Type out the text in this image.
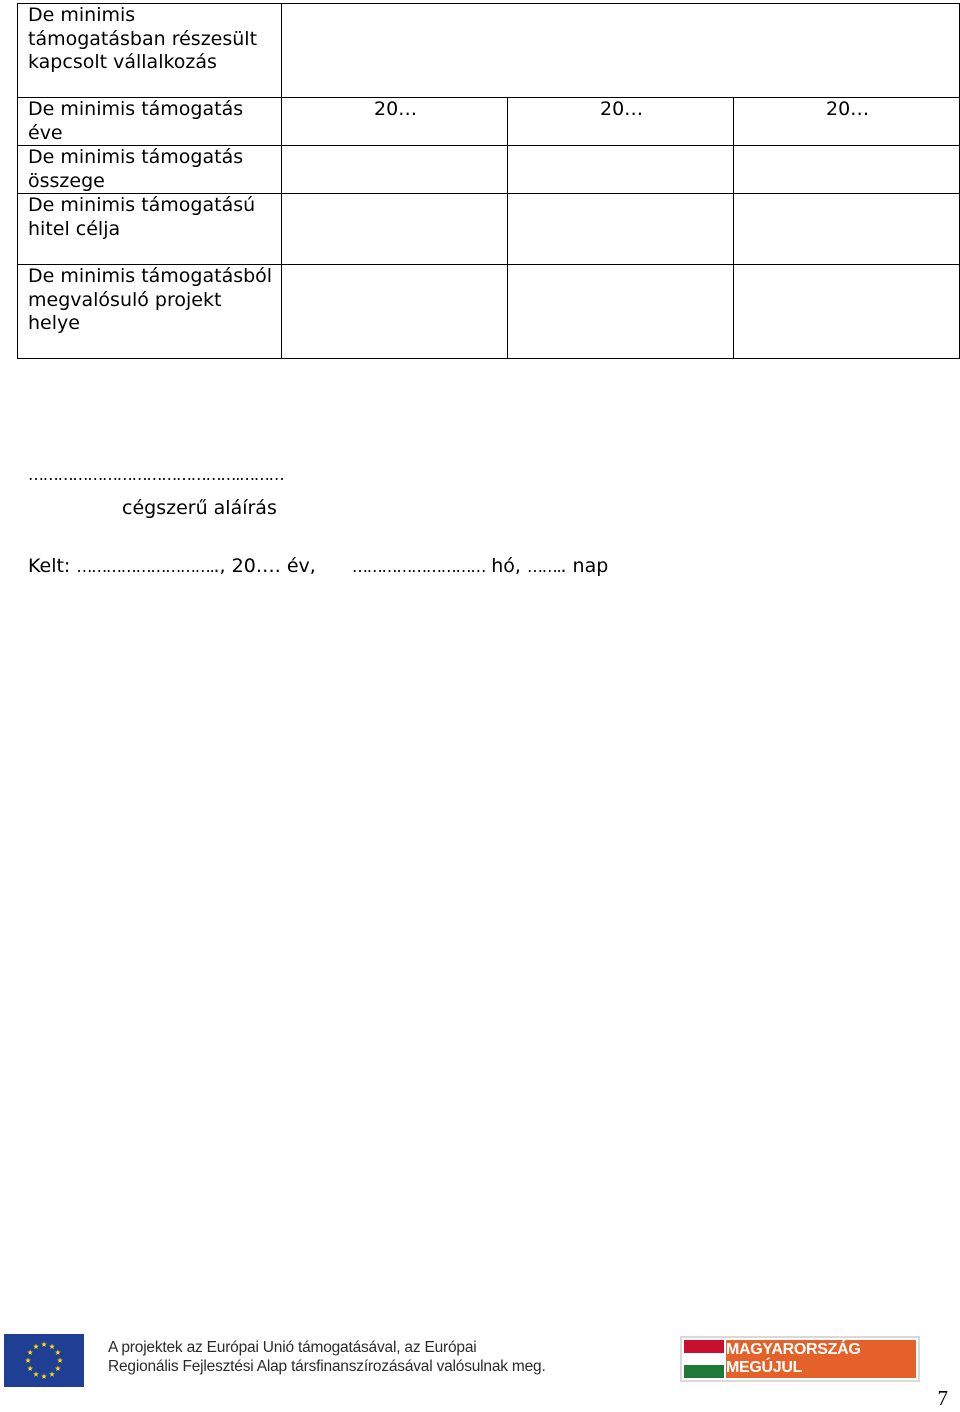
De minimis támogatásban részesült kapcsolt vállalkozás			
De minimis támogatás éve	20…	20…	20…
De minimis támogatás összege			
De minimis támogatású hitel célja			
De minimis támogatásból megvalósuló projekt helye			
…………………………………….………
cégszerű aláírás
Kelt: ……………………….., 20…. év, ……………………… hó, …….. nap
A projektek az Európai Unió támogatásával, az Európai
Regionális Fejlesztési Alap társfinanszírozásával valósulnak meg.
MAGYARORSZÁG MEGÚJUL
7
